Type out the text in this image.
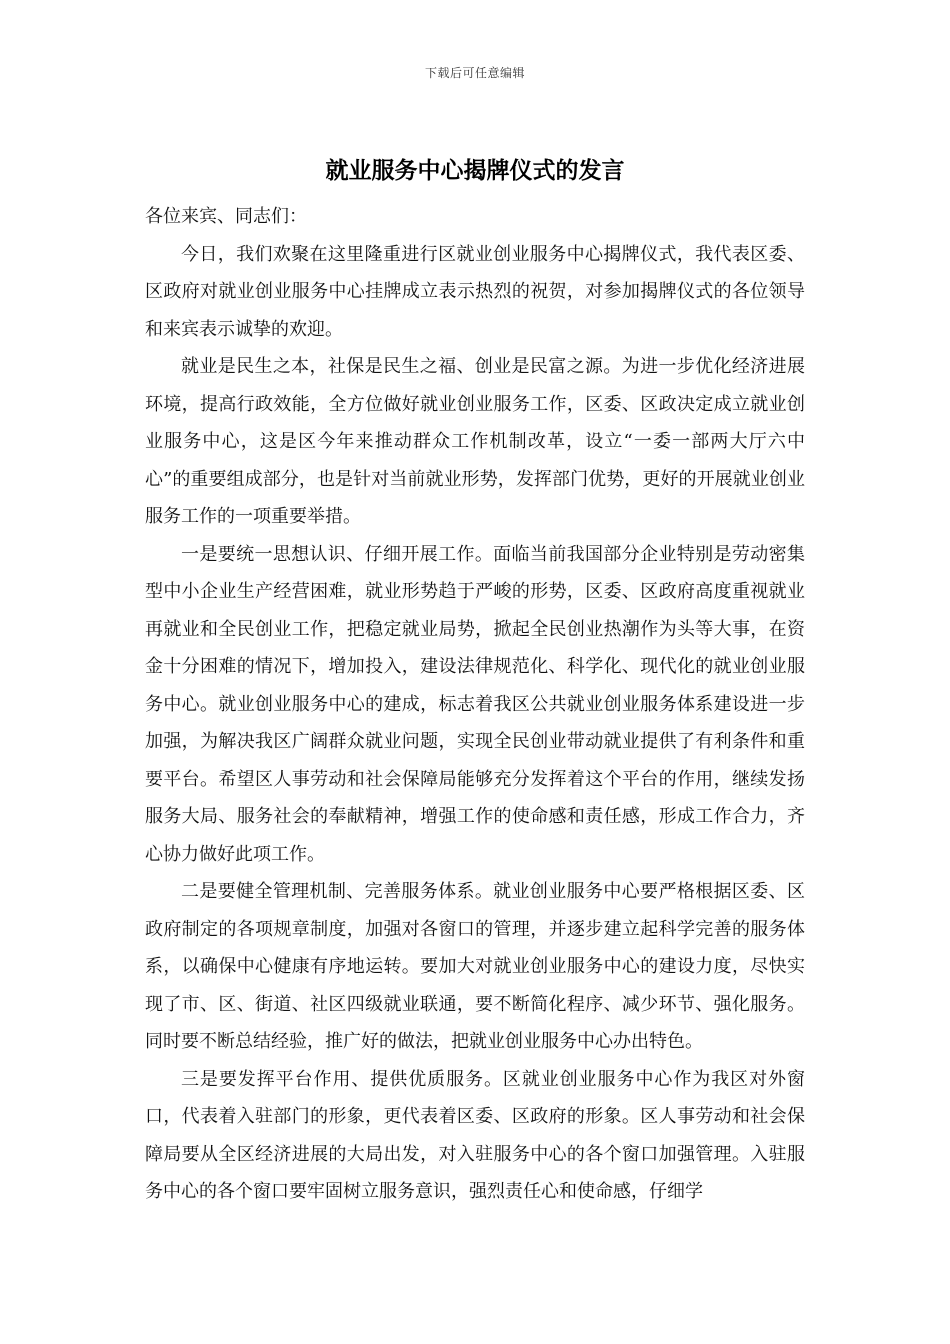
下载后可任意编辑
就业服务中心揭牌仪式的发言

各位来宾、同志们：

今日，我们欢聚在这里隆重进行区就业创业服务中心揭牌仪式，我代表区委、区政府对就业创业服务中心挂牌成立表示热烈的祝贺，对参加揭牌仪式的各位领导和来宾表示诚挚的欢迎。

就业是民生之本，社保是民生之福、创业是民富之源。为进一步优化经济进展环境，提高行政效能，全方位做好就业创业服务工作，区委、区政决定成立就业创业服务中心，这是区今年来推动群众工作机制改革，设立“一委一部两大厅六中心”的重要组成部分，也是针对当前就业形势，发挥部门优势，更好的开展就业创业服务工作的一项重要举措。

一是要统一思想认识、仔细开展工作。面临当前我国部分企业特别是劳动密集型中小企业生产经营困难，就业形势趋于严峻的形势，区委、区政府高度重视就业再就业和全民创业工作，把稳定就业局势，掀起全民创业热潮作为头等大事，在资金十分困难的情况下，增加投入，建设法律规范化、科学化、现代化的就业创业服务中心。就业创业服务中心的建成，标志着我区公共就业创业服务体系建设进一步加强，为解决我区广阔群众就业问题，实现全民创业带动就业提供了有利条件和重要平台。希望区人事劳动和社会保障局能够充分发挥着这个平台的作用，继续发扬服务大局、服务社会的奉献精神，增强工作的使命感和责任感，形成工作合力，齐心协力做好此项工作。

二是要健全管理机制、完善服务体系。就业创业服务中心要严格根据区委、区政府制定的各项规章制度，加强对各窗口的管理，并逐步建立起科学完善的服务体系，以确保中心健康有序地运转。要加大对就业创业服务中心的建设力度，尽快实现了市、区、街道、社区四级就业联通，要不断简化程序、减少环节、强化服务。同时要不断总结经验，推广好的做法，把就业创业服务中心办出特色。

三是要发挥平台作用、提供优质服务。区就业创业服务中心作为我区对外窗口，代表着入驻部门的形象，更代表着区委、区政府的形象。区人事劳动和社会保障局要从全区经济进展的大局出发，对入驻服务中心的各个窗口加强管理。入驻服务中心的各个窗口要牢固树立服务意识，强烈责任心和使命感，仔细学
